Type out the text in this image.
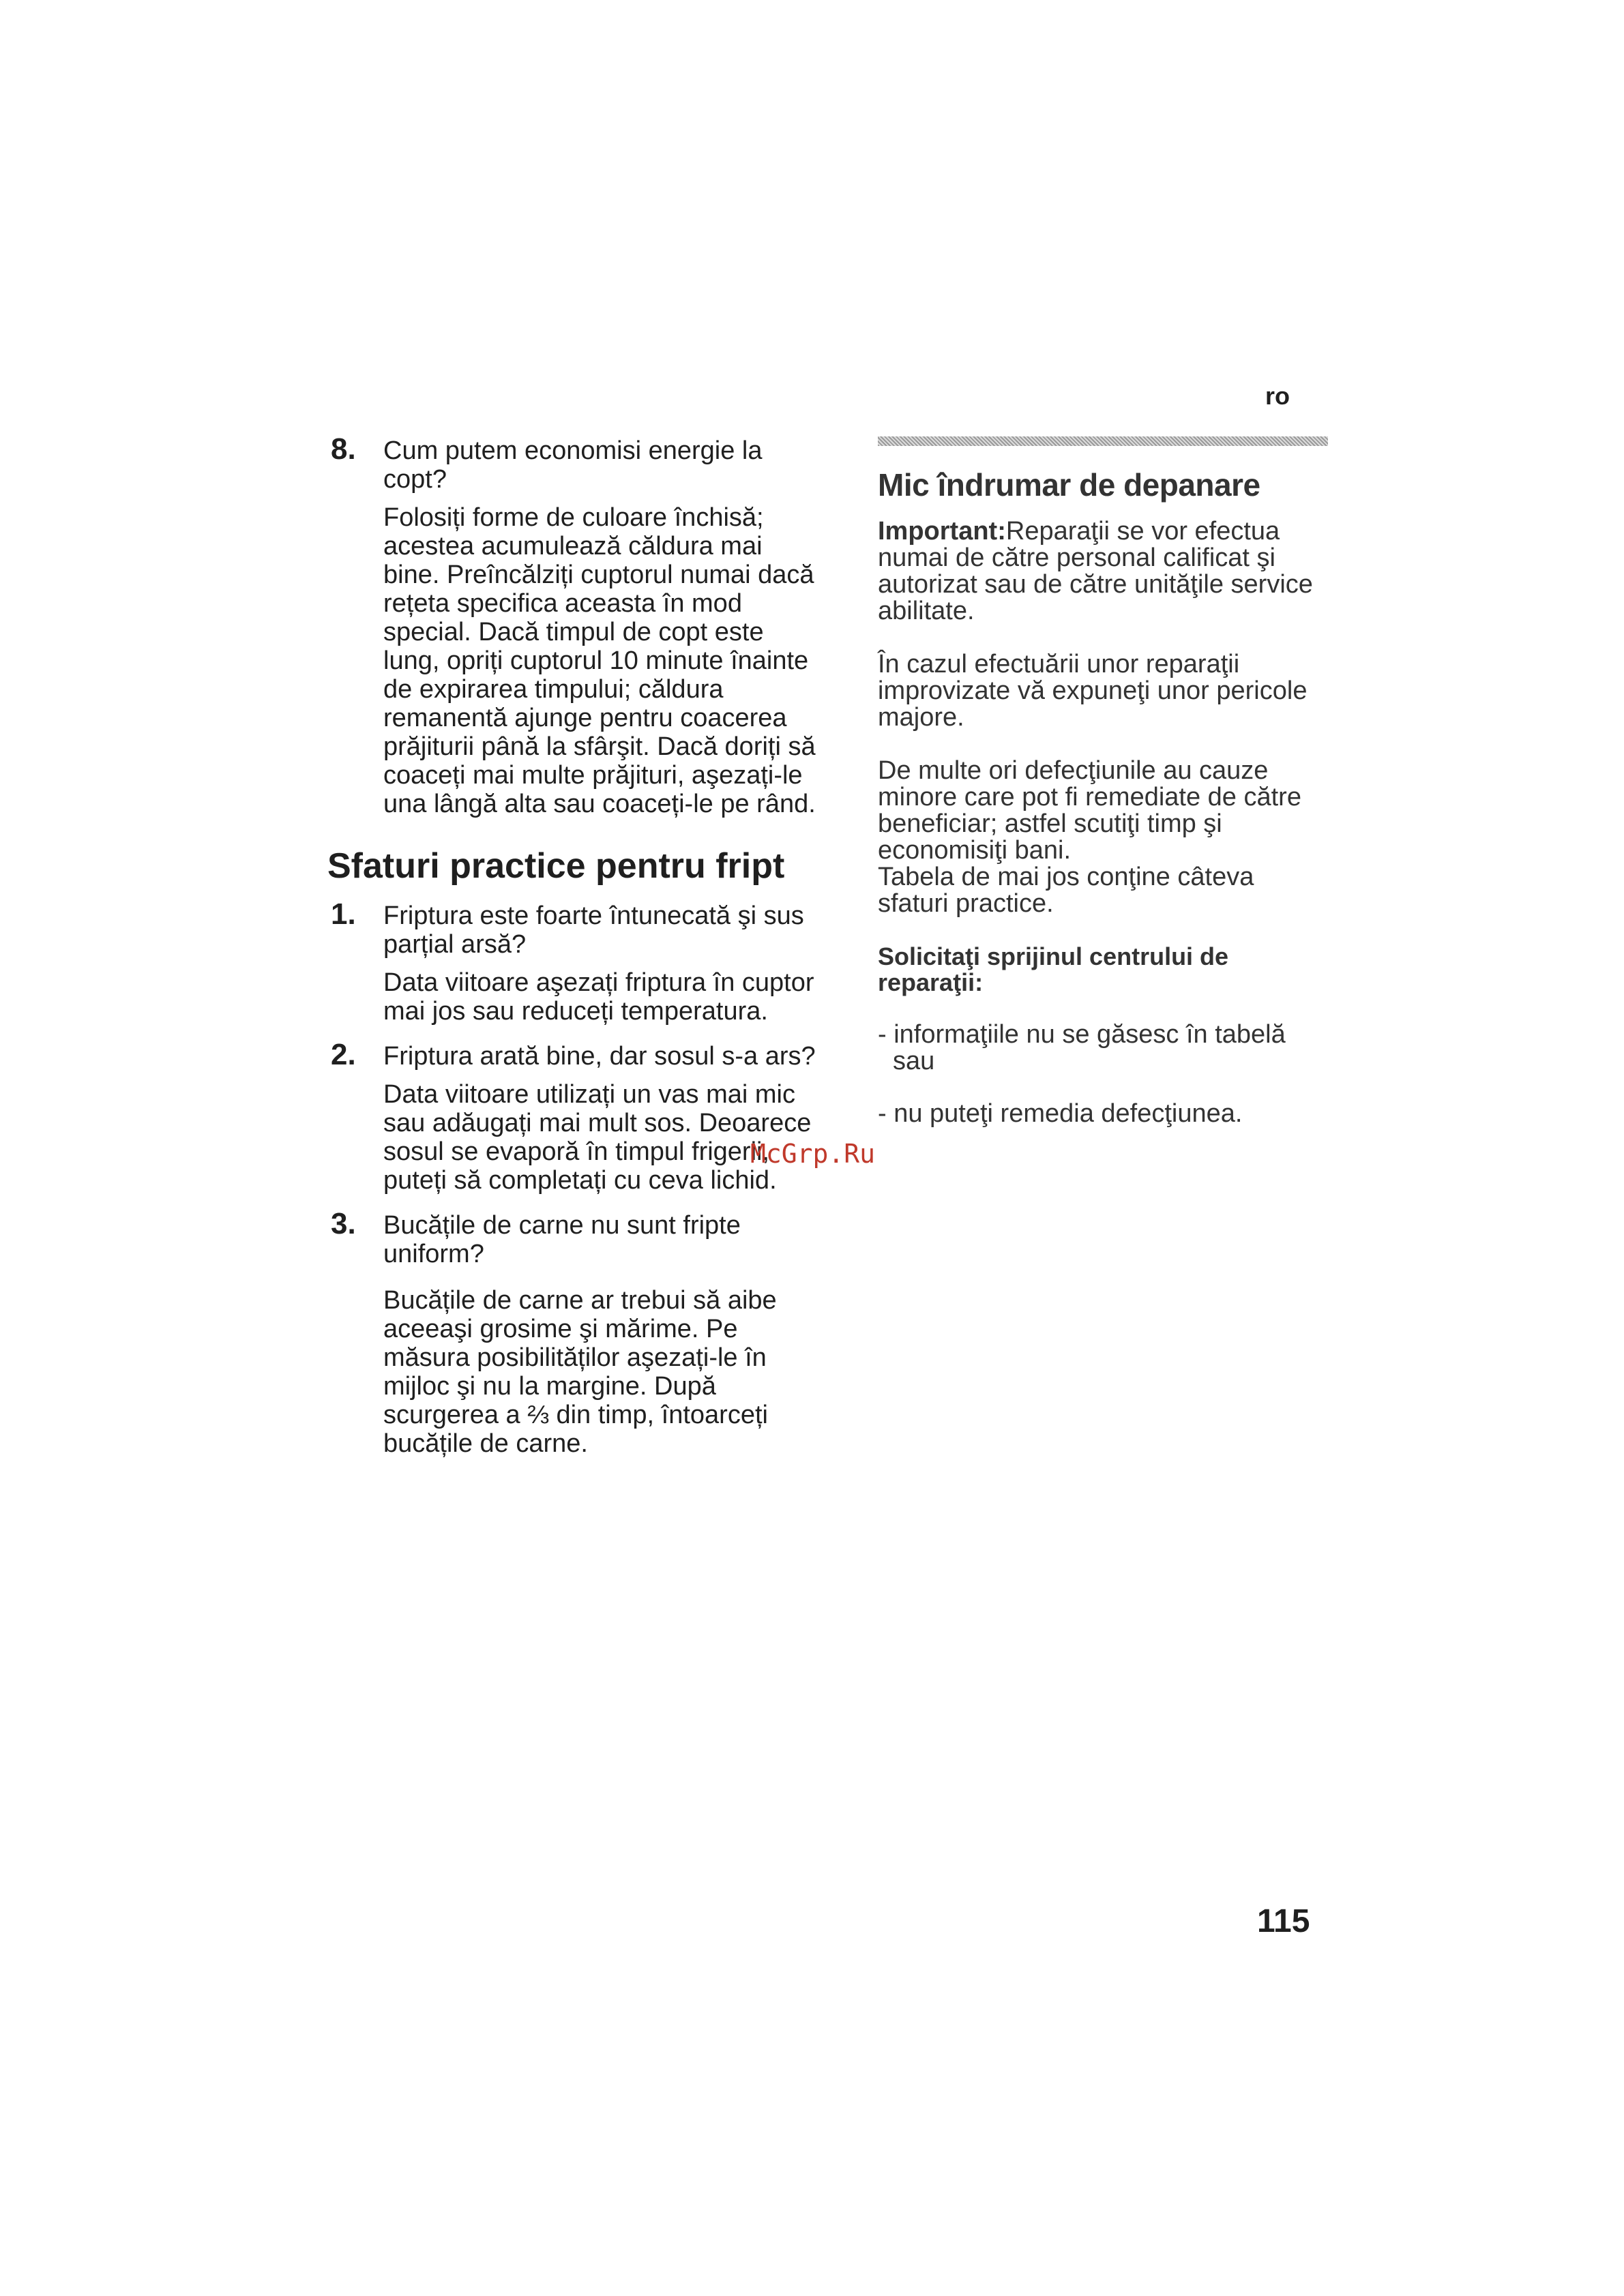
ro
8. Cum putem economisi energie la copt?
Folosiți forme de culoare închisă; acestea acumulează căldura mai bine. Preîncălziți cuptorul numai dacă rețeta specifica aceasta în mod special. Dacă timpul de copt este lung, opriți cuptorul 10 minute înainte de expirarea timpului; căldura remanentă ajunge pentru coacerea prăjiturii până la sfârşit. Dacă doriți să coaceți mai multe prăjituri, aşezați-le una lângă alta sau coaceți-le pe rând.
Sfaturi practice pentru fript
1. Friptura este foarte întunecată şi sus parțial arsă?
Data viitoare aşezați friptura în cuptor mai jos sau reduceți temperatura.
2. Friptura arată bine, dar sosul s-a ars?
Data viitoare utilizați un vas mai mic sau adăugați mai mult sos. Deoarece sosul se evaporă în timpul frigerii, puteți să completați cu ceva lichid.
3. Bucățile de carne nu sunt fripte uniform?
Bucățile de carne ar trebui să aibe aceeaşi grosime şi mărime. Pe măsura posibilităților aşezați-le în mijloc şi nu la margine. După scurgerea a ⅔ din timp, întoarceți bucățile de carne.
Mic îndrumar de depanare

Important:Reparaţii se vor efectua numai de către personal calificat şi autorizat sau de către unităţile service abilitate.

În cazul efectuării unor reparaţii improvizate vă expuneţi unor pericole majore.

De multe ori defecţiunile au cauze minore care pot fi remediate de către beneficiar; astfel scutiţi timp şi economisiţi bani.

Tabela de mai jos conţine câteva sfaturi practice.

Solicitaţi sprijinul centrului de reparaţii:
- informaţiile nu se găsesc în tabelă sau
- nu puteţi remedia defecţiunea.
McGrp.Ru
115
